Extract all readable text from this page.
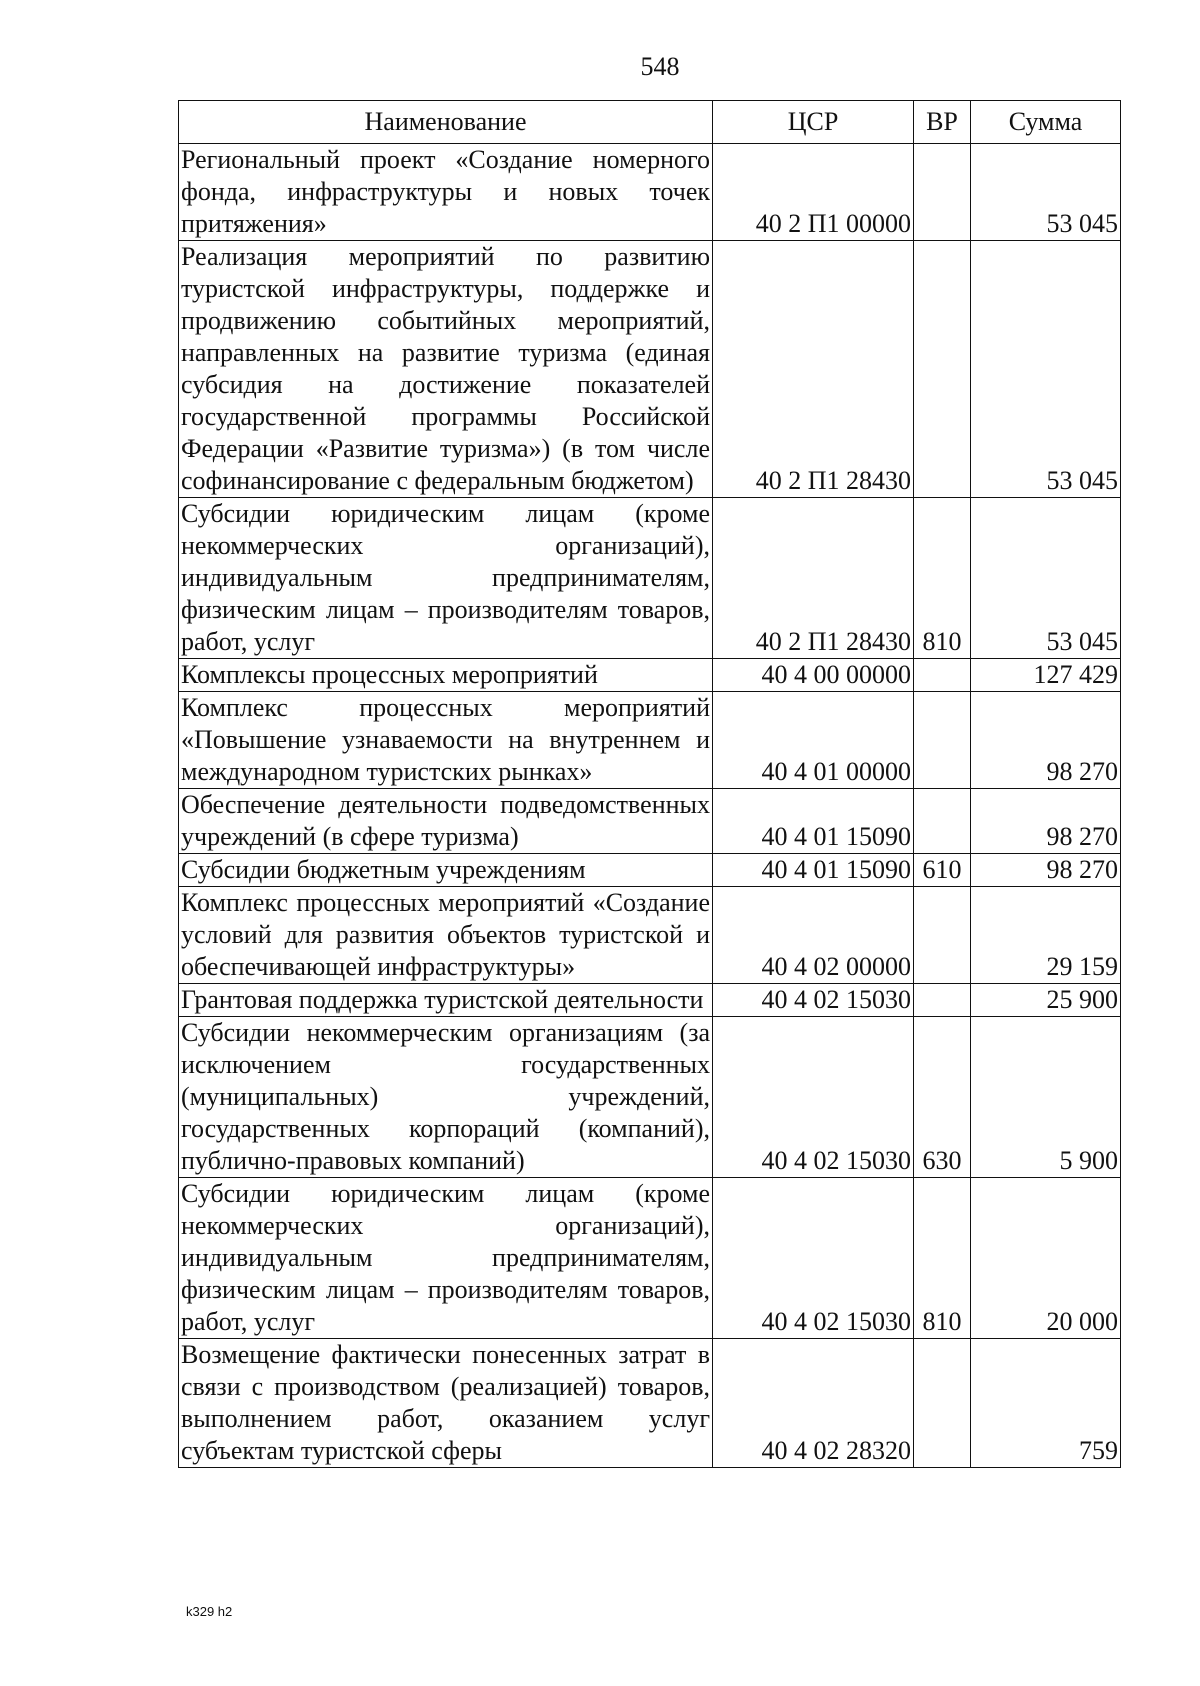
548
Наименование	ЦСР	ВР	Сумма
Региональный проект «Создание номерного фонда, инфраструктуры и новых точек притяжения»	40 2 П1 00000		53 045
Реализация мероприятий по развитию туристской инфраструктуры, поддержке и продвижению событийных мероприятий, направленных на развитие туризма (единая субсидия на достижение показателей государственной программы Российской Федерации «Развитие туризма») (в том числе софинансирование с федеральным бюджетом)	40 2 П1 28430		53 045
Субсидии юридическим лицам (кроме некоммерческих организаций), индивидуальным предпринимателям, физическим лицам – производителям товаров, работ, услуг	40 2 П1 28430	810	53 045
Комплексы процессных мероприятий	40 4 00 00000		127 429
Комплекс процессных мероприятий «Повышение узнаваемости на внутреннем и международном туристских рынках»	40 4 01 00000		98 270
Обеспечение деятельности подведомственных учреждений (в сфере туризма)	40 4 01 15090		98 270
Субсидии бюджетным учреждениям	40 4 01 15090	610	98 270
Комплекс процессных мероприятий «Создание условий для развития объектов туристской и обеспечивающей инфраструктуры»	40 4 02 00000		29 159
Грантовая поддержка туристской деятельности	40 4 02 15030		25 900
Субсидии некоммерческим организациям (за исключением государственных (муниципальных) учреждений, государственных корпораций (компаний), публично-правовых компаний)	40 4 02 15030	630	5 900
Субсидии юридическим лицам (кроме некоммерческих организаций), индивидуальным предпринимателям, физическим лицам – производителям товаров, работ, услуг	40 4 02 15030	810	20 000
Возмещение фактически понесенных затрат в связи с производством (реализацией) товаров, выполнением работ, оказанием услуг субъектам туристской сферы	40 4 02 28320		759
k329 h2
